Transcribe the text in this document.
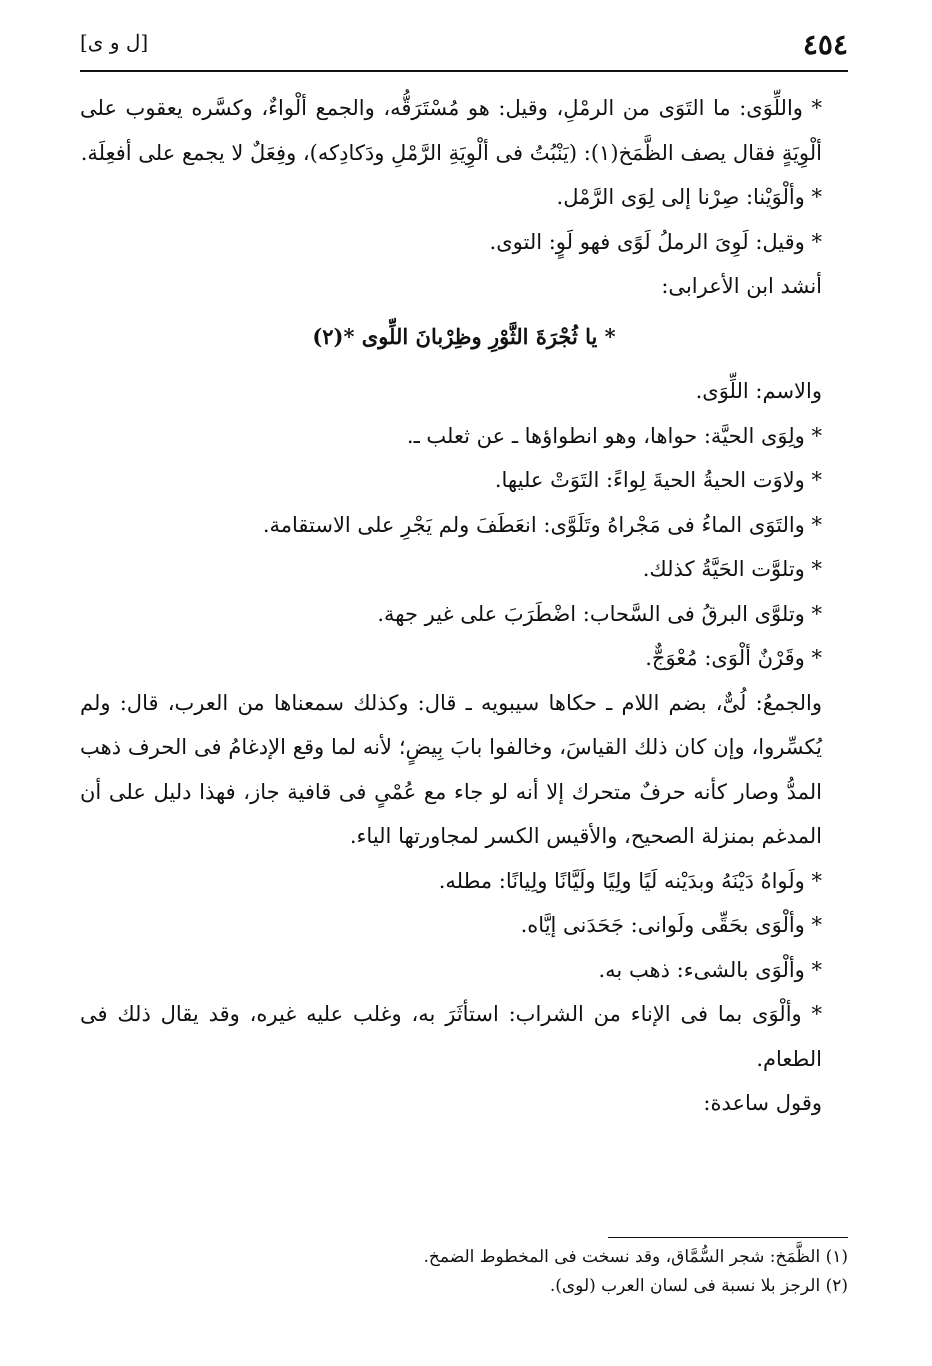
[ل و ى]	٤٥٤

* واللِّوَى: ما التَوَى من الرمْلِ، وقيل: هو مُسْتَرَقُّه، والجمع ألْواءٌ، وكسَّره يعقوب على ألْوِيَةٍ فقال يصف الظَّمَخ(١): (يَنْبُتُ فى ألْوِيَةِ الرَّمْلِ ودَكادِكه)، وفِعَلٌ لا يجمع على أفعِلَة.

* وألْوَيْنا: صِرْنا إلى لِوَى الرَّمْل.

* وقيل: لَوِىَ الرملُ لَوًى فهو لَوٍ: التوى.

أنشد ابن الأعرابى:

* يا ثُجْرَةَ الثَّوْرِ وظِرْبانَ اللِّوى *(٢)

والاسم: اللِّوَى.

* ولِوَى الحيَّة: حواها، وهو انطواؤها ـ عن ثعلب ـ.

* ولاوَت الحيةُ الحيةَ لِواءً: التَوَتْ عليها.

* والتَوَى الماءُ فى مَجْراهُ وتَلَوَّى: انعَطَفَ ولم يَجْرِ على الاستقامة.

* وتلوَّت الحَيَّةُ كذلك.

* وتلوَّى البرقُ فى السَّحاب: اضْطَرَبَ على غير جهة.

* وقَرْنٌ ألْوَى: مُعْوَجٌّ.

والجمعُ: لُىٌّ، بضم اللام ـ حكاها سيبويه ـ قال: وكذلك سمعناها من العرب، قال: ولم يُكسِّروا، وإن كان ذلك القياسَ، وخالفوا بابَ بِيضٍ؛ لأنه لما وقع الإدغامُ فى الحرف ذهب المدُّ وصار كأنه حرفٌ متحرك إلا أنه لو جاء مع عُمْىٍ فى قافية جاز، فهذا دليل على أن المدغم بمنزلة الصحيح، والأقيس الكسر لمجاورتها الياء.

* ولَواهُ دَيْنَهُ وبدَيْنه لَيًا ولِيًا ولَيَّانًا ولِيانًا: مطله.

* وألْوَى بحَقِّى ولَوانى: جَحَدَنى إيَّاه.

* وألْوَى بالشىء: ذهب به.

* وألْوَى بما فى الإناء من الشراب: استأثَرَ به، وغلب عليه غيره، وقد يقال ذلك فى الطعام.

وقول ساعدة:

(١) الظَّمَخ: شجر السُّمَّاق، وقد نسخت فى المخطوط الضمخ.

(٢) الرجز بلا نسبة فى لسان العرب (لوى).
